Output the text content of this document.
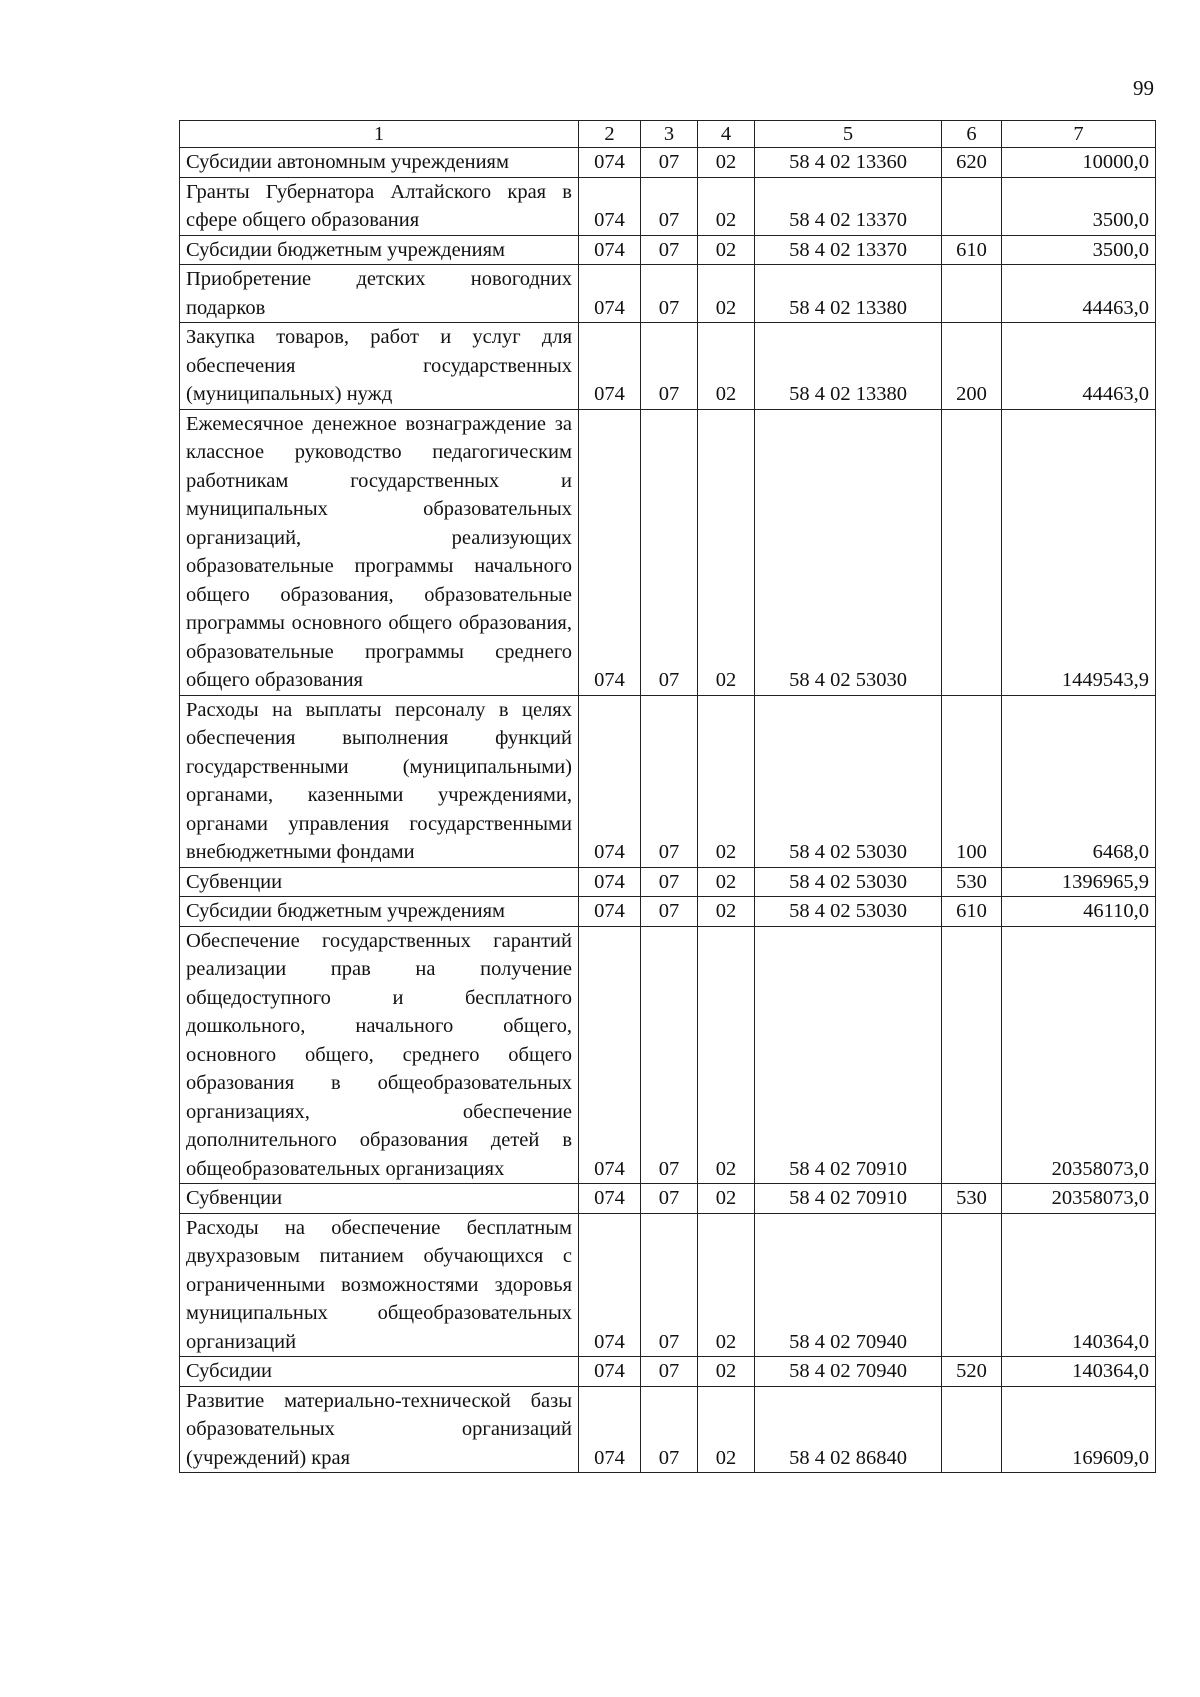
99
1	2	3	4	5	6	7
Субсидии автономным учреждениям	074	07	02	58 4 02 13360	620	10000,0
Гранты Губернатора Алтайского края в сфере общего образования	074	07	02	58 4 02 13370		3500,0
Субсидии бюджетным учреждениям	074	07	02	58 4 02 13370	610	3500,0
Приобретение детских новогодних подарков	074	07	02	58 4 02 13380		44463,0
Закупка товаров, работ и услуг для обеспечения государственных (муниципальных) нужд	074	07	02	58 4 02 13380	200	44463,0
Ежемесячное денежное вознаграждение за классное руководство педагогическим работникам государственных и муниципальных образовательных организаций, реализующих образовательные программы начального общего образования, образовательные программы основного общего образования, образовательные программы среднего общего образования	074	07	02	58 4 02 53030		1449543,9
Расходы на выплаты персоналу в целях обеспечения выполнения функций государственными (муниципальными) органами, казенными учреждениями, органами управления государственными внебюджетными фондами	074	07	02	58 4 02 53030	100	6468,0
Субвенции	074	07	02	58 4 02 53030	530	1396965,9
Субсидии бюджетным учреждениям	074	07	02	58 4 02 53030	610	46110,0
Обеспечение государственных гарантий реализации прав на получение общедоступного и бесплатного дошкольного, начального общего, основного общего, среднего общего образования в общеобразовательных организациях, обеспечение дополнительного образования детей в общеобразовательных организациях	074	07	02	58 4 02 70910		20358073,0
Субвенции	074	07	02	58 4 02 70910	530	20358073,0
Расходы на обеспечение бесплатным двухразовым питанием обучающихся с ограниченными возможностями здоровья муниципальных общеобразовательных организаций	074	07	02	58 4 02 70940		140364,0
Субсидии	074	07	02	58 4 02 70940	520	140364,0
Развитие материально-технической базы образовательных организаций (учреждений) края	074	07	02	58 4 02 86840		169609,0
